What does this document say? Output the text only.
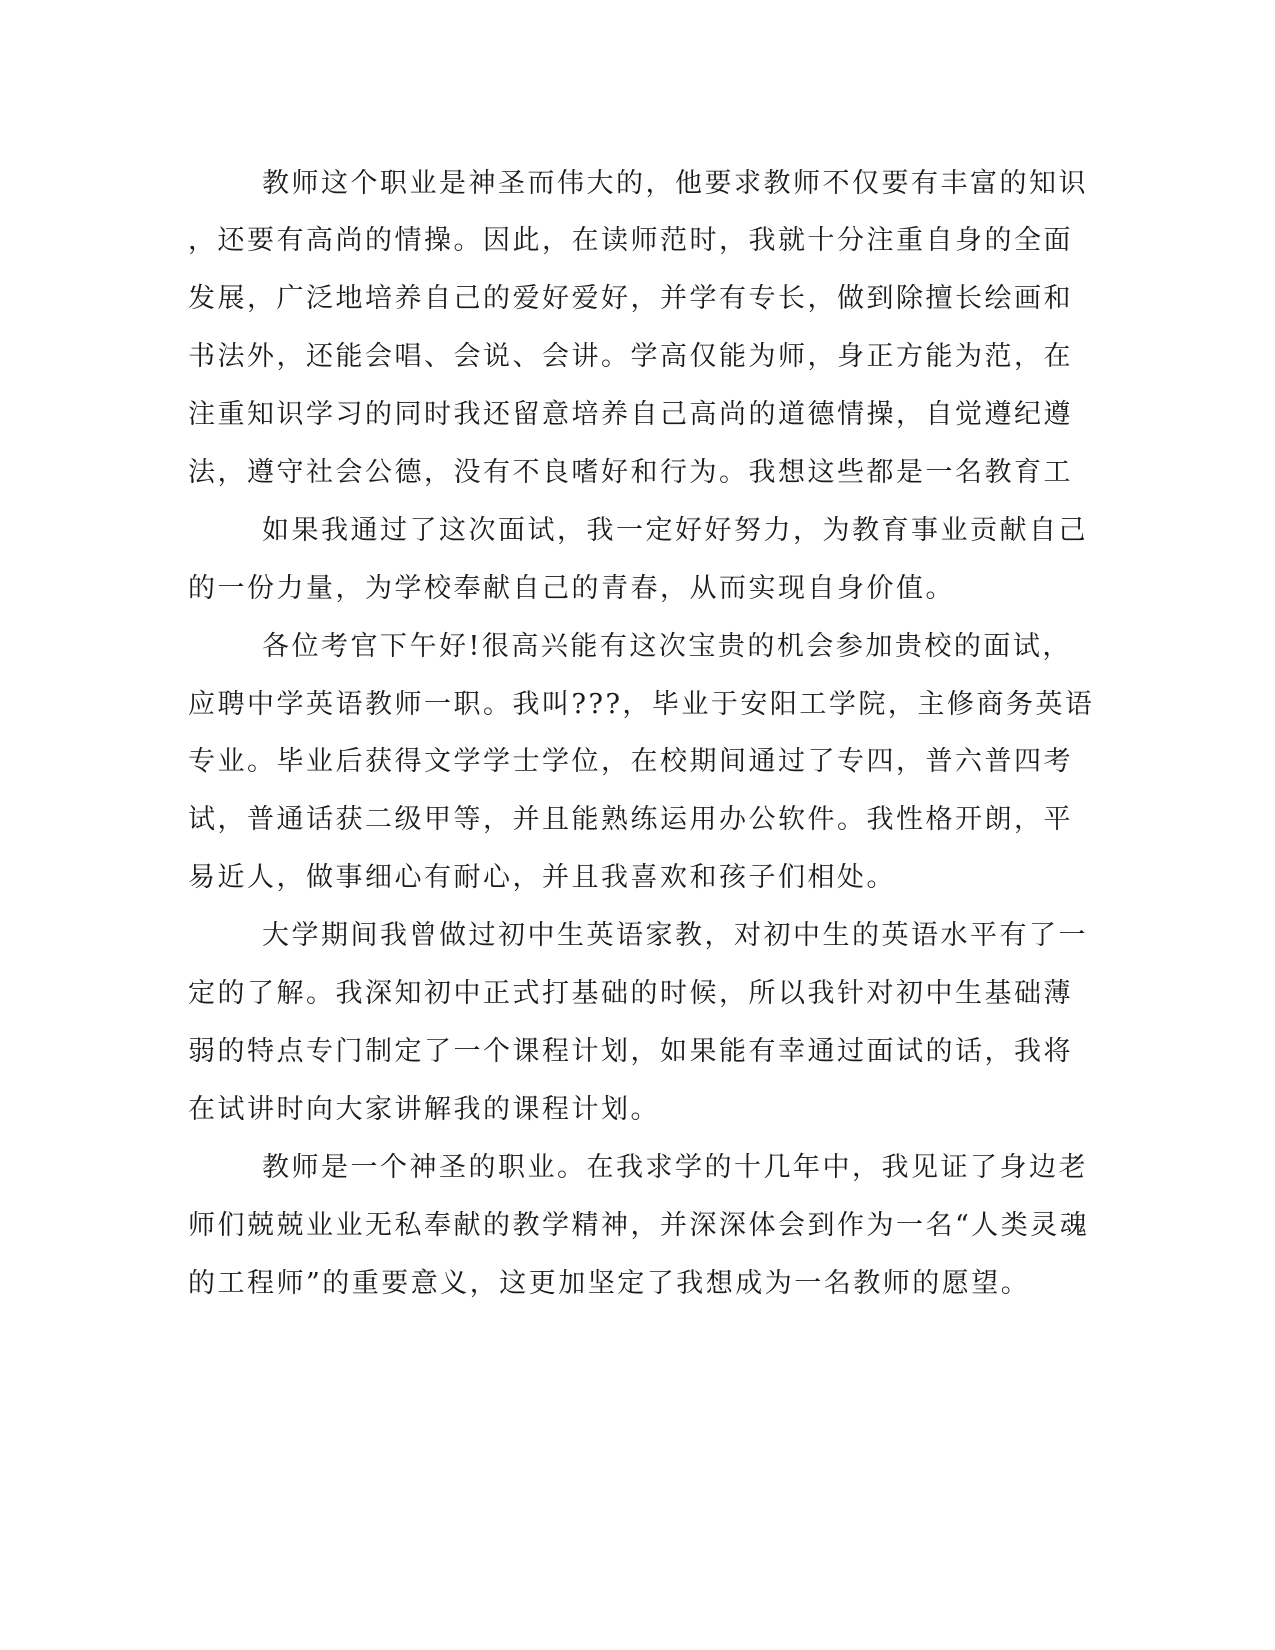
教师这个职业是神圣而伟大的，他要求教师不仅要有丰富的知识
，还要有高尚的情操。因此，在读师范时，我就十分注重自身的全面
发展，广泛地培养自己的爱好爱好，并学有专长，做到除擅长绘画和
书法外，还能会唱、会说、会讲。学高仅能为师，身正方能为范，在
注重知识学习的同时我还留意培养自己高尚的道德情操，自觉遵纪遵
法，遵守社会公德，没有不良嗜好和行为。我想这些都是一名教育工
如果我通过了这次面试，我一定好好努力，为教育事业贡献自己
的一份力量，为学校奉献自己的青春，从而实现自身价值。
各位考官下午好!很高兴能有这次宝贵的机会参加贵校的面试，
应聘中学英语教师一职。我叫???，毕业于安阳工学院，主修商务英语
专业。毕业后获得文学学士学位，在校期间通过了专四，普六普四考
试，普通话获二级甲等，并且能熟练运用办公软件。我性格开朗，平
易近人，做事细心有耐心，并且我喜欢和孩子们相处。
大学期间我曾做过初中生英语家教，对初中生的英语水平有了一
定的了解。我深知初中正式打基础的时候，所以我针对初中生基础薄
弱的特点专门制定了一个课程计划，如果能有幸通过面试的话，我将
在试讲时向大家讲解我的课程计划。
教师是一个神圣的职业。在我求学的十几年中，我见证了身边老
师们兢兢业业无私奉献的教学精神，并深深体会到作为一名“人类灵魂
的工程师”的重要意义，这更加坚定了我想成为一名教师的愿望。
